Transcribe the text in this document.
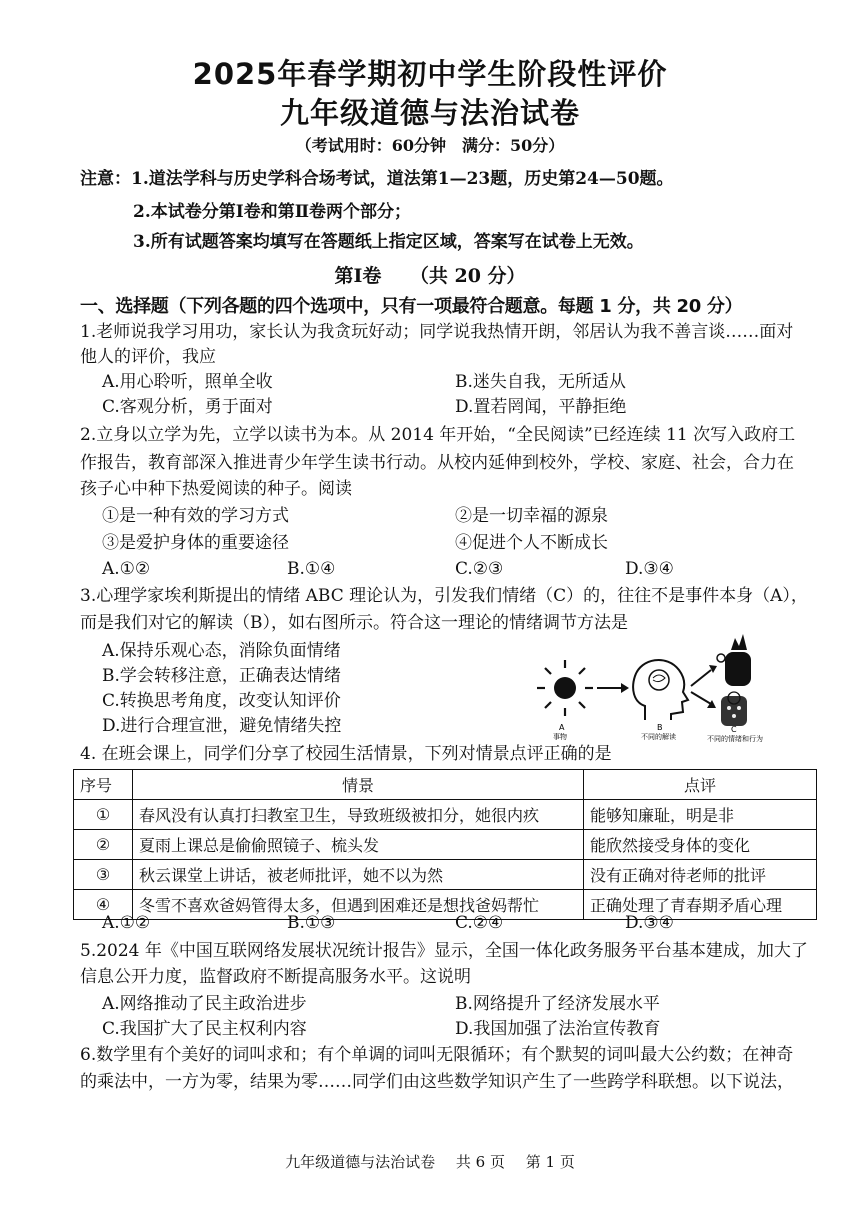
2025年春学期初中学生阶段性评价
九年级道德与法治试卷
（考试用时：60分钟　满分：50分）
注意：1.道法学科与历史学科合场考试，道法第1—23题，历史第24—50题。
2.本试卷分第Ⅰ卷和第Ⅱ卷两个部分；
3.所有试题答案均填写在答题纸上指定区域，答案写在试卷上无效。
第Ⅰ卷　　（共 20 分）
一、选择题（下列各题的四个选项中，只有一项最符合题意。每题 1 分，共 20 分）
1.老师说我学习用功，家长认为我贪玩好动；同学说我热情开朗，邻居认为我不善言谈……面对
他人的评价，我应
A.用心聆听，照单全收	B.迷失自我，无所适从
C.客观分析，勇于面对	D.置若罔闻，平静拒绝
2.立身以立学为先，立学以读书为本。从 2014 年开始，“全民阅读”已经连续 11 次写入政府工
作报告，教育部深入推进青少年学生读书行动。从校内延伸到校外，学校、家庭、社会，合力在
孩子心中种下热爱阅读的种子。阅读
①是一种有效的学习方式	②是一切幸福的源泉
③是爱护身体的重要途径	④促进个人不断成长
A.①②	B.①④	C.②③	D.③④
3.心理学家埃利斯提出的情绪 ABC 理论认为，引发我们情绪（C）的，往往不是事件本身（A），
而是我们对它的解读（B），如右图所示。符合这一理论的情绪调节方法是
A.保持乐观心态，消除负面情绪
B.学会转移注意，正确表达情绪
C.转换思考角度，改变认知评价
D.进行合理宣泄，避免情绪失控	A
事物
B
不同的解读
C
不同的情绪和行为
4. 在班会课上，同学们分享了校园生活情景，下列对情景点评正确的是
序号	情景	点评
①	春风没有认真打扫教室卫生，导致班级被扣分，她很内疚	能够知廉耻，明是非
②	夏雨上课总是偷偷照镜子、梳头发	能欣然接受身体的变化
③	秋云课堂上讲话，被老师批评，她不以为然	没有正确对待老师的批评
④	冬雪不喜欢爸妈管得太多，但遇到困难还是想找爸妈帮忙	正确处理了青春期矛盾心理
A.①②	B.①③	C.②④	D.③④
5.2024 年《中国互联网络发展状况统计报告》显示，全国一体化政务服务平台基本建成，加大了
信息公开力度，监督政府不断提高服务水平。这说明
A.网络推动了民主政治进步	B.网络提升了经济发展水平
C.我国扩大了民主权利内容	D.我国加强了法治宣传教育
6.数学里有个美好的词叫求和；有个单调的词叫无限循环；有个默契的词叫最大公约数；在神奇
的乘法中，一方为零，结果为零……同学们由这些数学知识产生了一些跨学科联想。以下说法，
九年级道德与法治试卷 共 6 页 第 1 页
